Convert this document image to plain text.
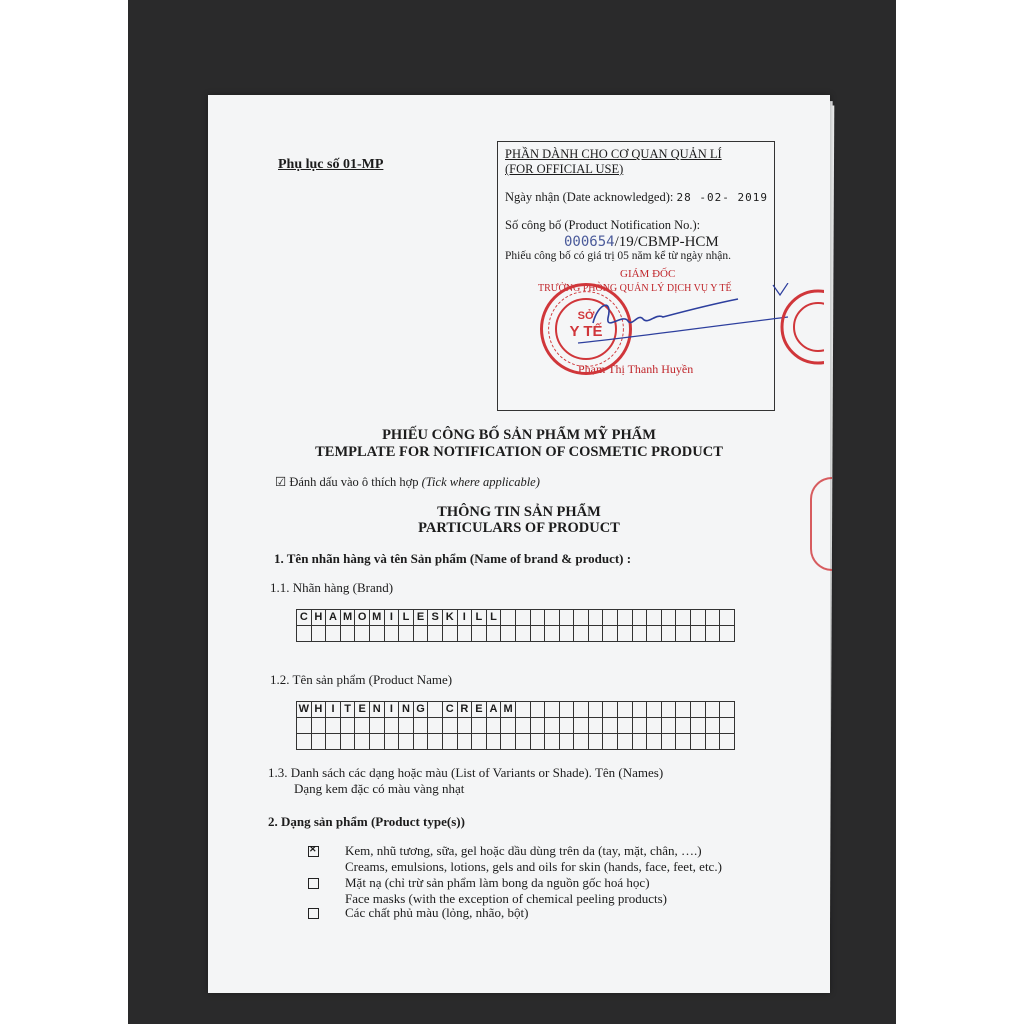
Phụ lục số 01-MP
PHẦN DÀNH CHO CƠ QUAN QUẢN LÍ
(FOR OFFICIAL USE)
Ngày nhận (Date acknowledged): 28 -02- 2019
Số công bố (Product Notification No.):
000654/19/CBMP-HCM
Phiếu công bố có giá trị 05 năm kể từ ngày nhận.
GIÁM ĐỐC
TRƯỞNG PHÒNG QUẢN LÝ DỊCH VỤ Y TẾ
Phạm Thị Thanh Huyền
SỞ
Y TẾ
PHIẾU CÔNG BỐ SẢN PHẨM MỸ PHẨM
TEMPLATE FOR NOTIFICATION OF COSMETIC PRODUCT
☑ Đánh dấu vào ô thích hợp (Tick where applicable)
THÔNG TIN SẢN PHẨM
PARTICULARS OF PRODUCT
1. Tên nhãn hàng và tên Sản phẩm (Name of brand & product) :
1.1. Nhãn hàng (Brand)
C	H	A	M	O	M	I	L	E	S	K	I	L	L																

1.2. Tên sản phẩm (Product Name)
W	H	I	T	E	N	I	N	G		C	R	E	A	M															

1.3. Danh sách các dạng hoặc màu (List of Variants or Shade). Tên (Names)
Dạng kem đặc có màu vàng nhạt
2. Dạng sản phẩm (Product type(s))
✕
Kem, nhũ tương, sữa, gel hoặc dầu dùng trên da (tay, mặt, chân, ….)
Creams, emulsions, lotions, gels and oils for skin (hands, face, feet, etc.)
Mặt nạ (chỉ trừ sản phẩm làm bong da nguồn gốc hoá học)
Face masks (with the exception of chemical peeling products)
Các chất phủ màu (lỏng, nhão, bột)
